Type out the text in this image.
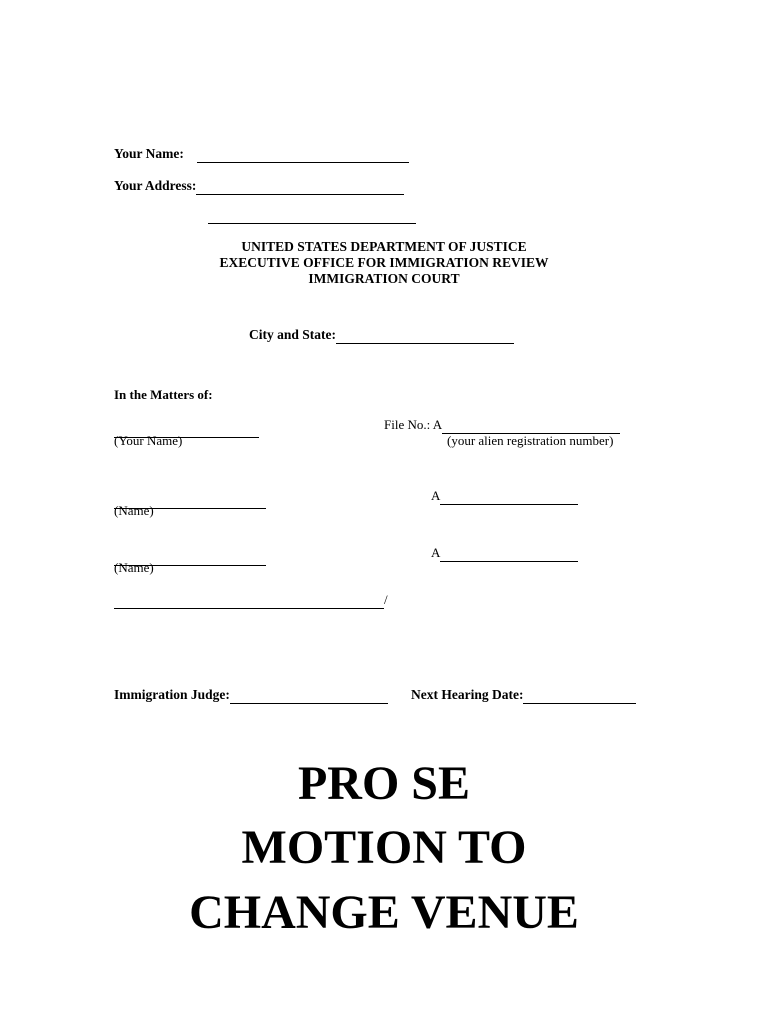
Your Name:
Your Address:

UNITED STATES DEPARTMENT OF JUSTICE
EXECUTIVE OFFICE FOR IMMIGRATION REVIEW
IMMIGRATION COURT
City and State:
In the Matters of:

(Your Name)
File No.: A
(your alien registration number)

(Name)
A

(Name)
A
/
Immigration Judge:	Next Hearing Date:
PRO SE
MOTION TO
CHANGE VENUE
